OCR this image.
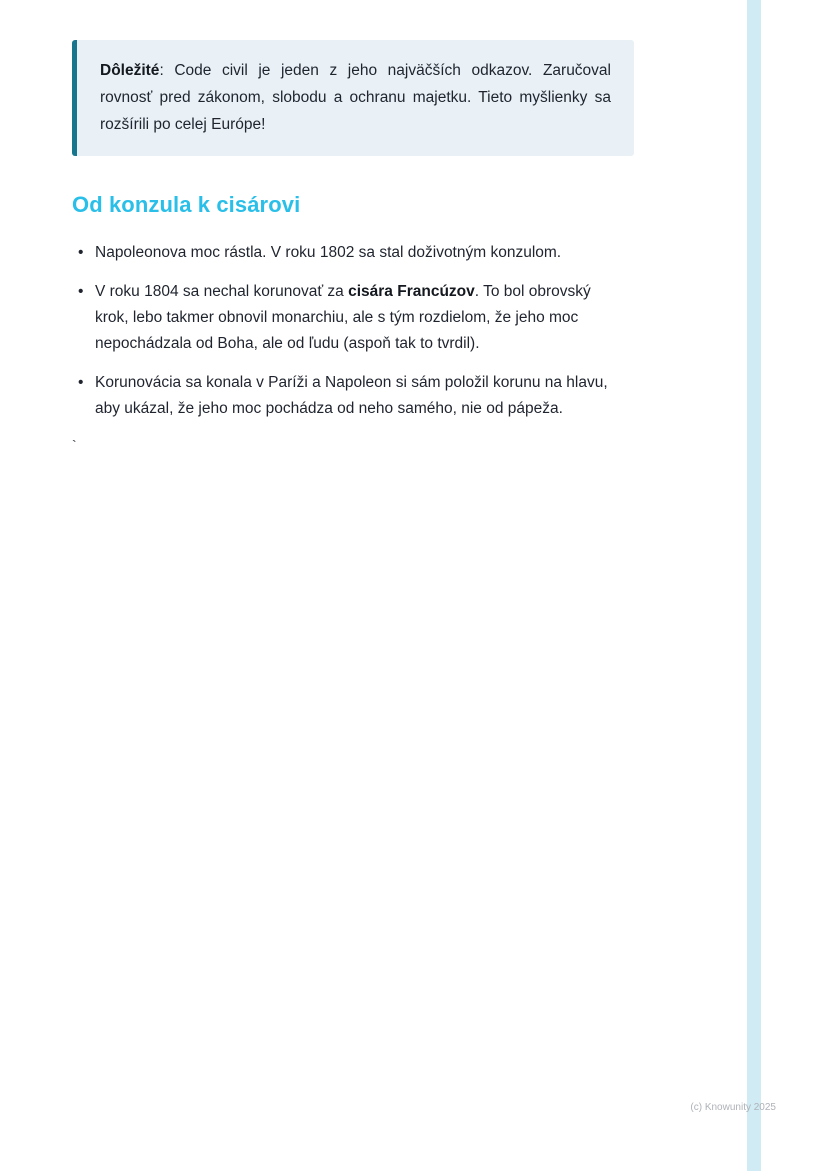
Dôležité: Code civil je jeden z jeho najväčších odkazov. Zaručoval rovnosť pred zákonom, slobodu a ochranu majetku. Tieto myšlienky sa rozšírili po celej Európe!

Od konzula k cisárovi
• Napoleonova moc rástla. V roku 1802 sa stal doživotným konzulom.
• V roku 1804 sa nechal korunovať za cisára Francúzov. To bol obrovský krok, lebo takmer obnovil monarchiu, ale s tým rozdielom, že jeho moc nepochádzala od Boha, ale od ľudu (aspoň tak to tvrdil).
• Korunovácia sa konala v Paríži a Napoleon si sám položil korunu na hlavu, aby ukázal, že jeho moc pochádza od neho samého, nie od pápeža.
`
(c) Knowunity 2025
